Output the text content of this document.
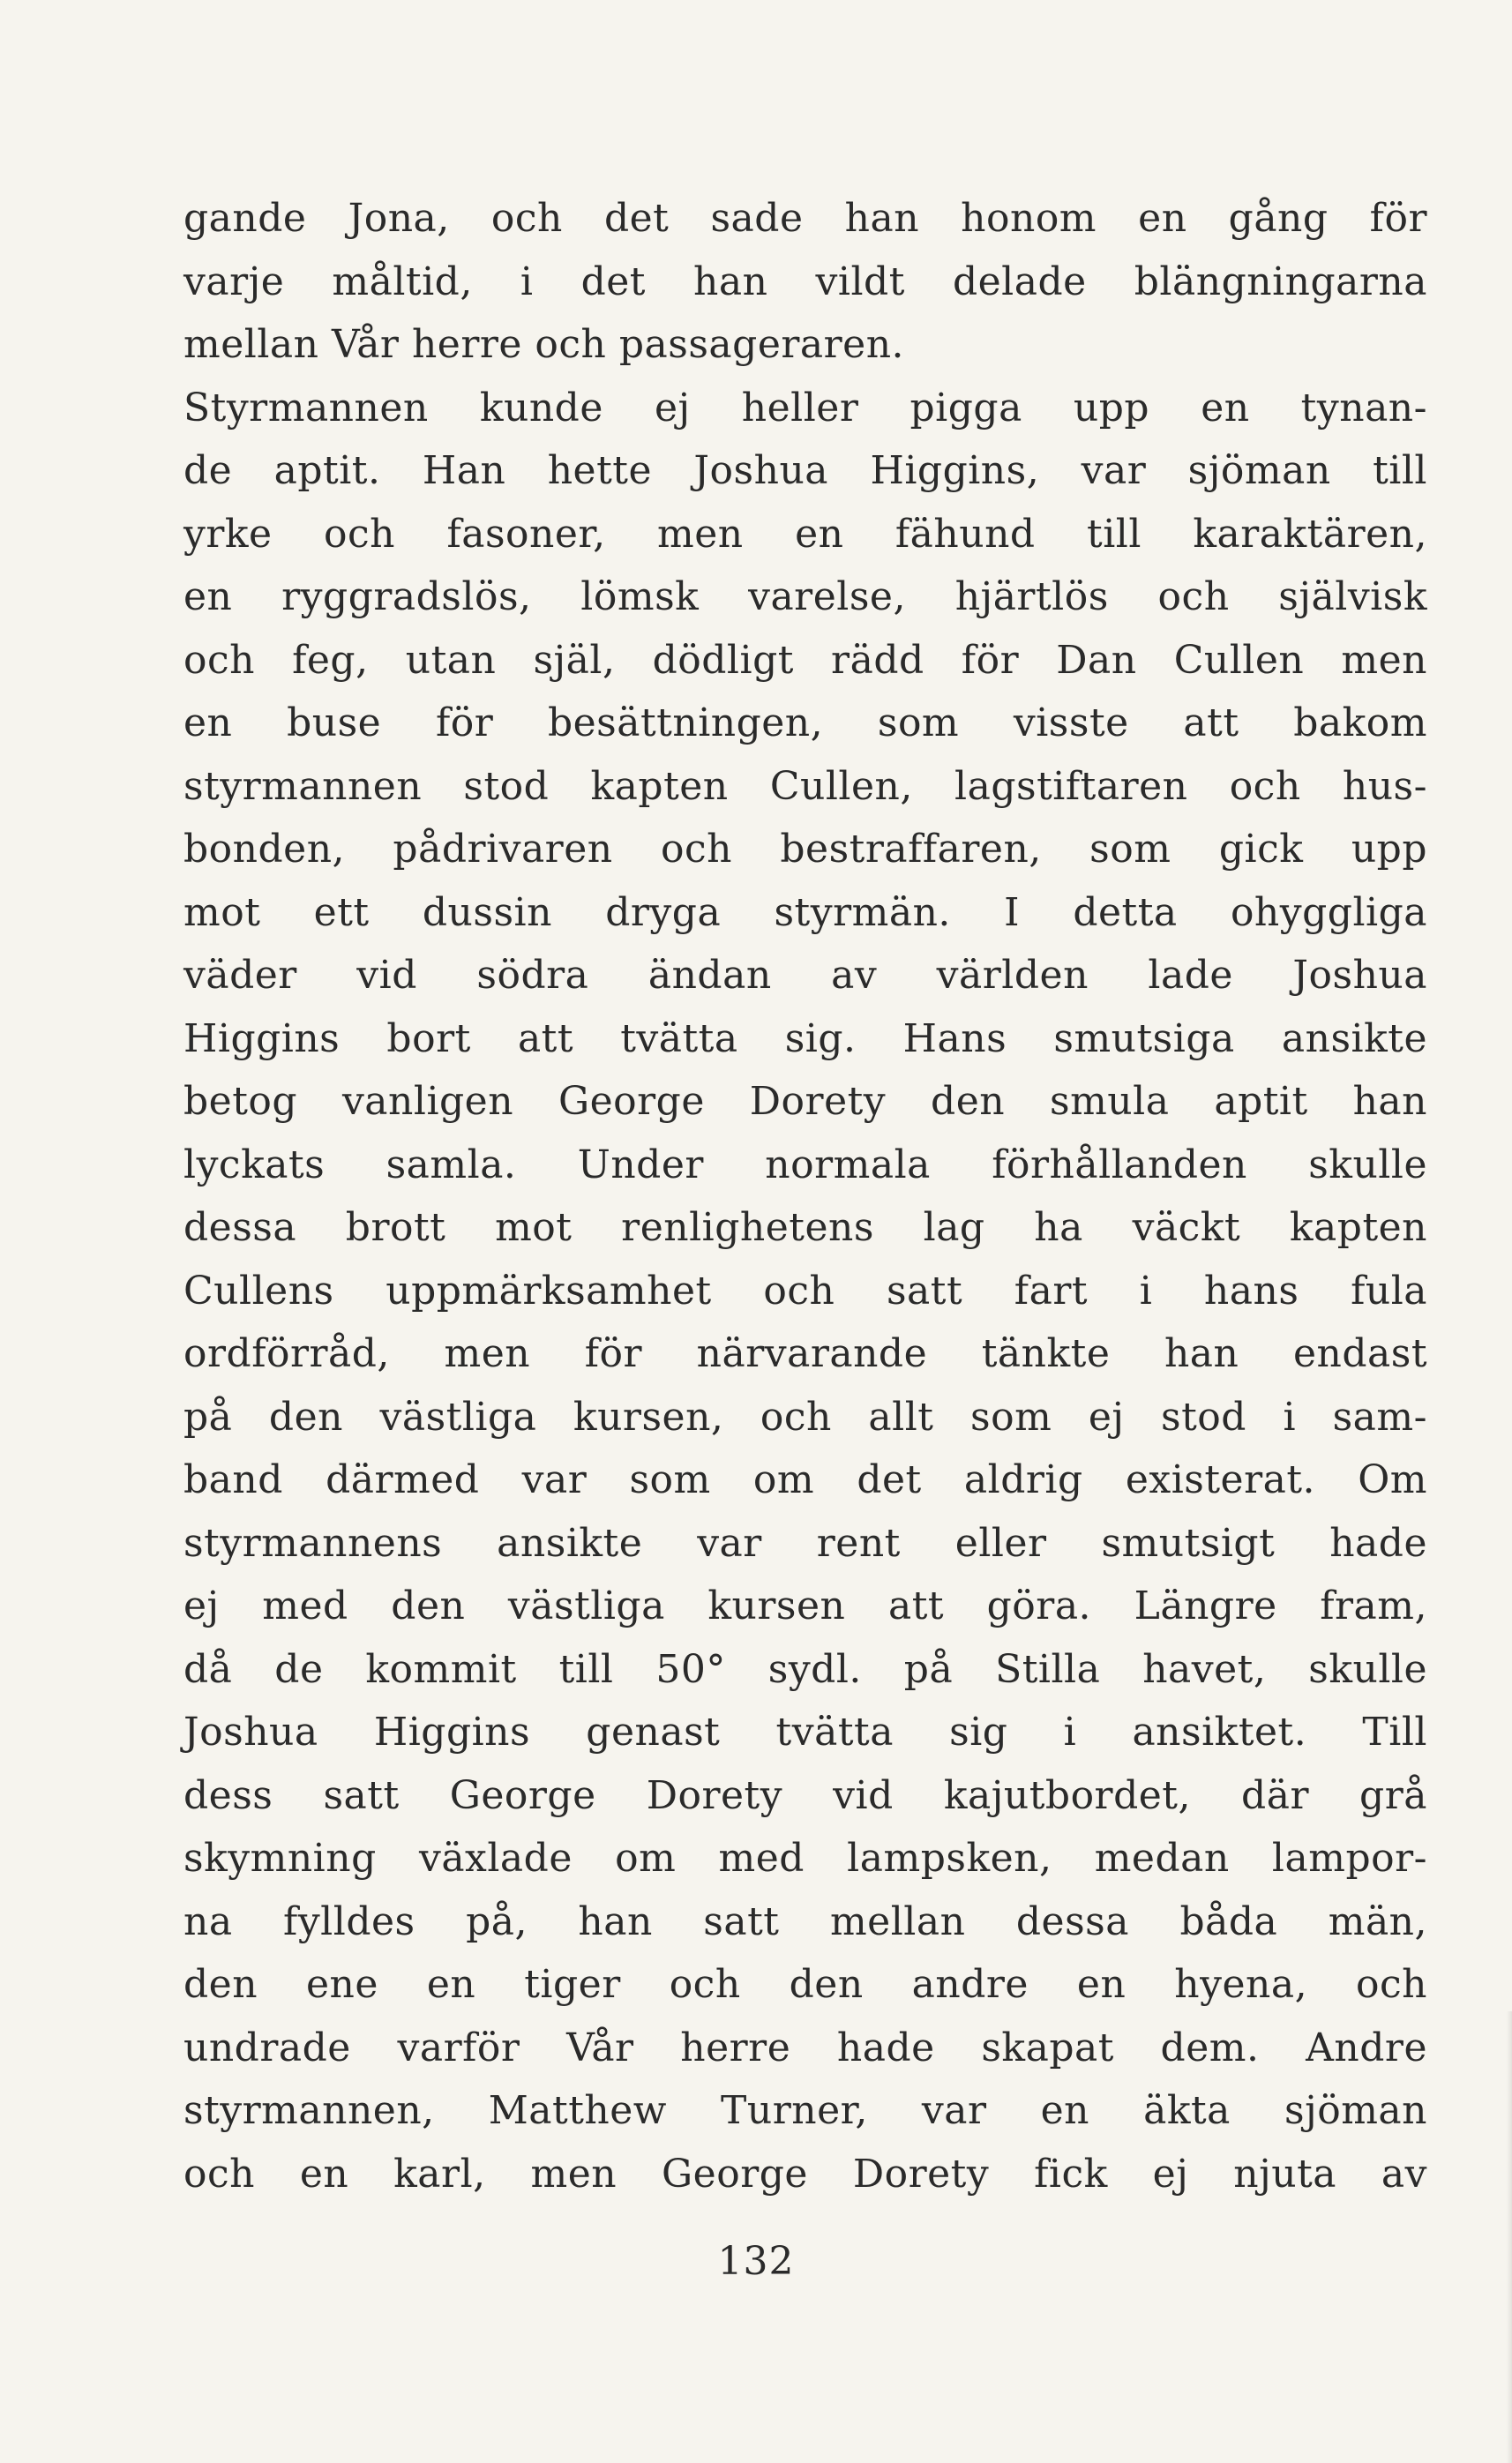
gande Jona, och det sade han honom en gång för
varje måltid, i det han vildt delade blängningarna
mellan Vår herre och passageraren.
Styrmannen kunde ej heller pigga upp en tynan-
de aptit. Han hette Joshua Higgins, var sjöman till
yrke och fasoner, men en fähund till karaktären,
en ryggradslös, lömsk varelse, hjärtlös och självisk
och feg, utan själ, dödligt rädd för Dan Cullen men
en buse för besättningen, som visste att bakom
styrmannen stod kapten Cullen, lagstiftaren och hus-
bonden, pådrivaren och bestraffaren, som gick upp
mot ett dussin dryga styrmän. I detta ohyggliga
väder vid södra ändan av världen lade Joshua
Higgins bort att tvätta sig. Hans smutsiga ansikte
betog vanligen George Dorety den smula aptit han
lyckats samla. Under normala förhållanden skulle
dessa brott mot renlighetens lag ha väckt kapten
Cullens uppmärksamhet och satt fart i hans fula
ordförråd, men för närvarande tänkte han endast
på den västliga kursen, och allt som ej stod i sam-
band därmed var som om det aldrig existerat. Om
styrmannens ansikte var rent eller smutsigt hade
ej med den västliga kursen att göra. Längre fram,
då de kommit till 50° sydl. på Stilla havet, skulle
Joshua Higgins genast tvätta sig i ansiktet. Till
dess satt George Dorety vid kajutbordet, där grå
skymning växlade om med lampsken, medan lampor-
na fylldes på, han satt mellan dessa båda män,
den ene en tiger och den andre en hyena, och
undrade varför Vår herre hade skapat dem. Andre
styrmannen, Matthew Turner, var en äkta sjöman
och en karl, men George Dorety fick ej njuta av
132
